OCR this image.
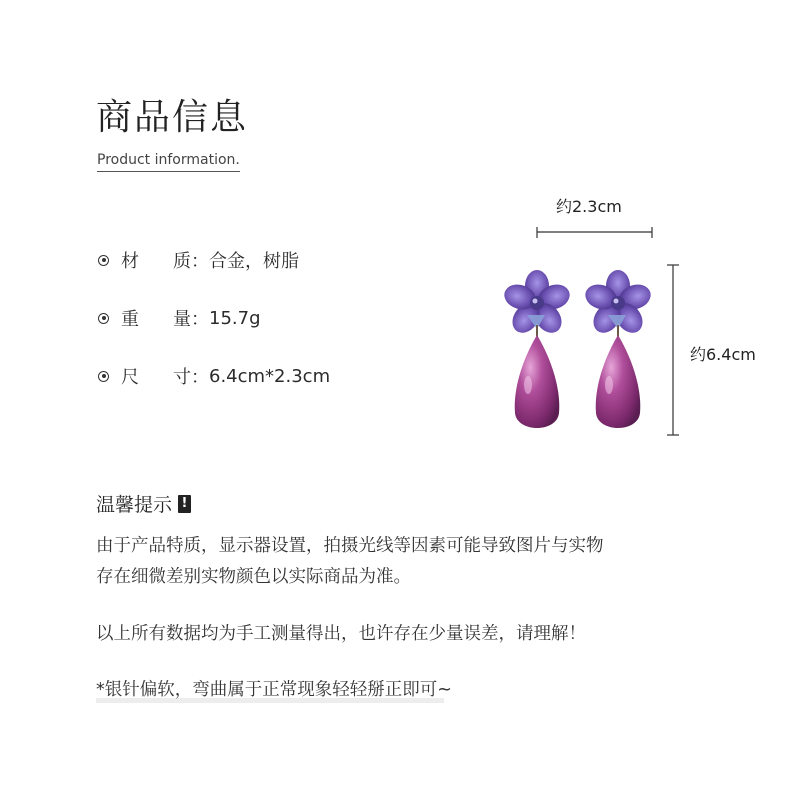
商品信息
Product information.
材	质： 合金，树脂
重	量： 15.7g
尺	寸： 6.4cm*2.3cm
约2.3cm
约6.4cm
温馨提示 !
由于产品特质，显示器设置，拍摄光线等因素可能导致图片与实物
存在细微差别实物颜色以实际商品为准。
以上所有数据均为手工测量得出，也许存在少量误差，请理解！
*银针偏软，弯曲属于正常现象轻轻掰正即可~
